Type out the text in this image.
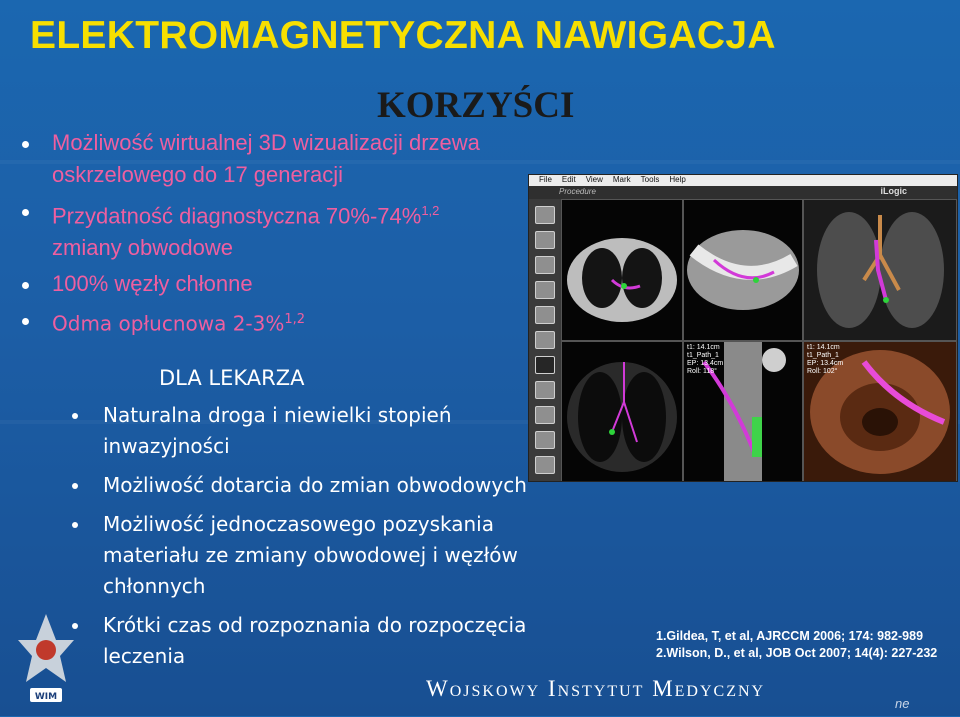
ELEKTROMAGNETYCZNA NAWIGACJA
KORZYŚCI
Możliwość wirtualnej 3D wizualizacji drzewa oskrzelowego do 17 generacji
Przydatność diagnostyczna 70%-74%$^{1,2}$ zmiany obwodowe
100% węzły chłonne
Odma opłucnowa 2-3%$^{1,2}$
DLA LEKARZA
Naturalna droga i niewielki stopień inwazyjności
Możliwość dotarcia do zmian obwodowych
Możliwość jednoczasowego pozyskania materiału ze zmiany obwodowej i węzłów chłonnych
Krótki czas od rozpoznania do rozpoczęcia leczenia
File Edit View Mark Tools Help
Procedure	iLogic
t1: 14.1cm
t1_Path_1
EP: 13.4cm
Roll: 118°
t1: 14.1cm
t1_Path_1
EP: 13.4cm
Roll: 102°
1.Gildea, T, et al, AJRCCM 2006; 174: 982-989
2.Wilson, D., et al, JOB Oct 2007; 14(4): 227-232
WIM	Wojskowy Instytut Medyczny
ne
